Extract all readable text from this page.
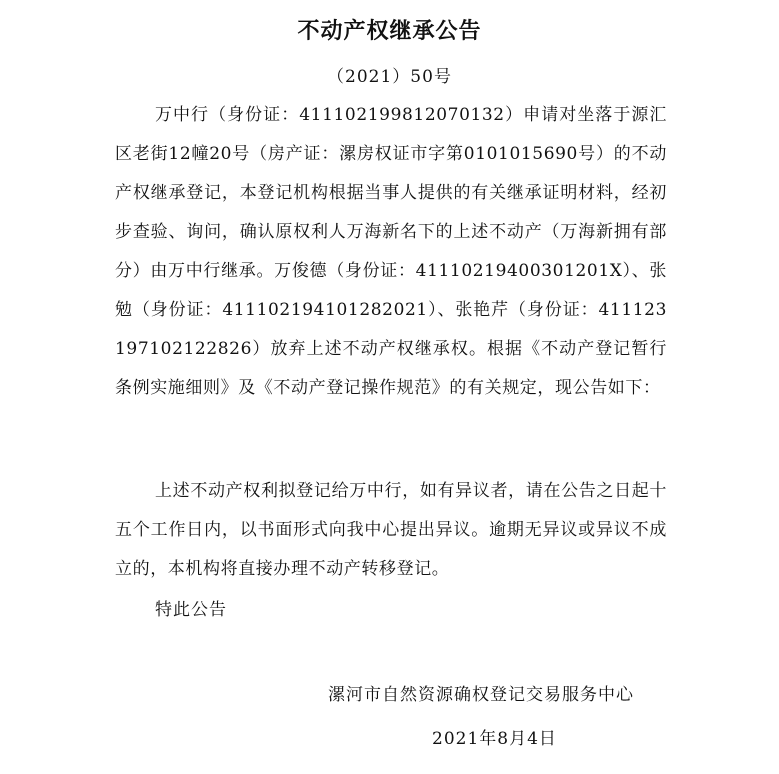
不动产权继承公告
（2021）50号
万中行（身份证：411102199812070132）申请对坐落于源汇区老街12幢20号（房产证：漯房权证市字第0101015690号）的不动产权继承登记，本登记机构根据当事人提供的有关继承证明材料，经初步查验、询问，确认原权利人万海新名下的上述不动产（万海新拥有部分）由万中行继承。万俊德（身份证：41110219400301201X）、张勉（身份证：411102194101282021）、张艳芹（身份证：411123197102122826）放弃上述不动产权继承权。根据《不动产登记暂行条例实施细则》及《不动产登记操作规范》的有关规定，现公告如下：
上述不动产权利拟登记给万中行，如有异议者，请在公告之日起十五个工作日内，以书面形式向我中心提出异议。逾期无异议或异议不成立的，本机构将直接办理不动产转移登记。
特此公告
漯河市自然资源确权登记交易服务中心
2021年8月4日
